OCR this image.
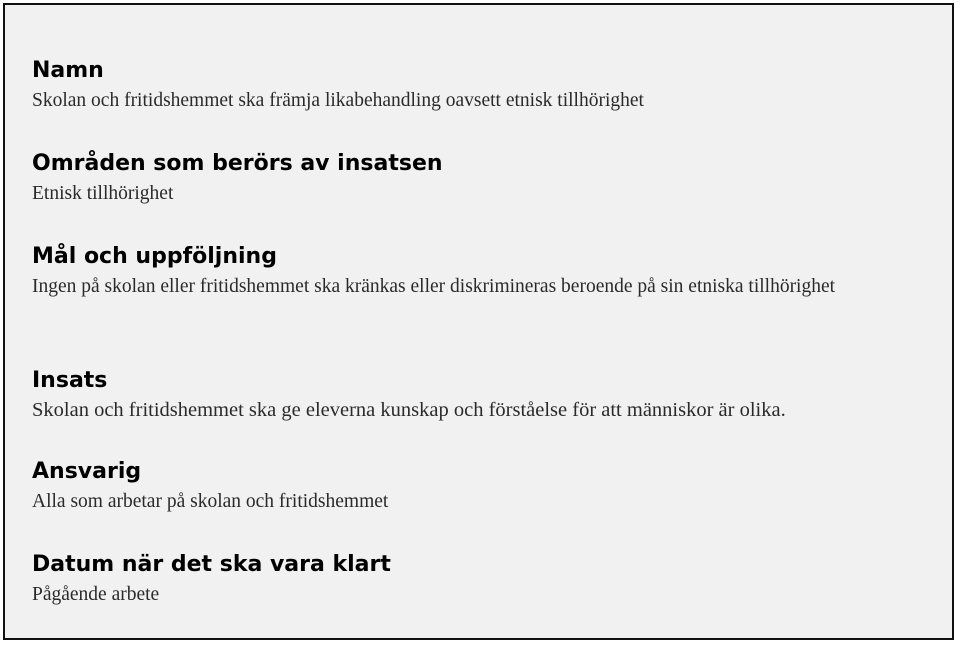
Namn

Skolan och fritidshemmet ska främja likabehandling oavsett etnisk tillhörighet

Områden som berörs av insatsen

Etnisk tillhörighet

Mål och uppföljning

Ingen på skolan eller fritidshemmet ska kränkas eller diskrimineras beroende på sin etniska tillhörighet

Insats

Skolan och fritidshemmet ska ge eleverna kunskap och förståelse för att människor är olika.

Ansvarig

Alla som arbetar på skolan och fritidshemmet

Datum när det ska vara klart

Pågående arbete
